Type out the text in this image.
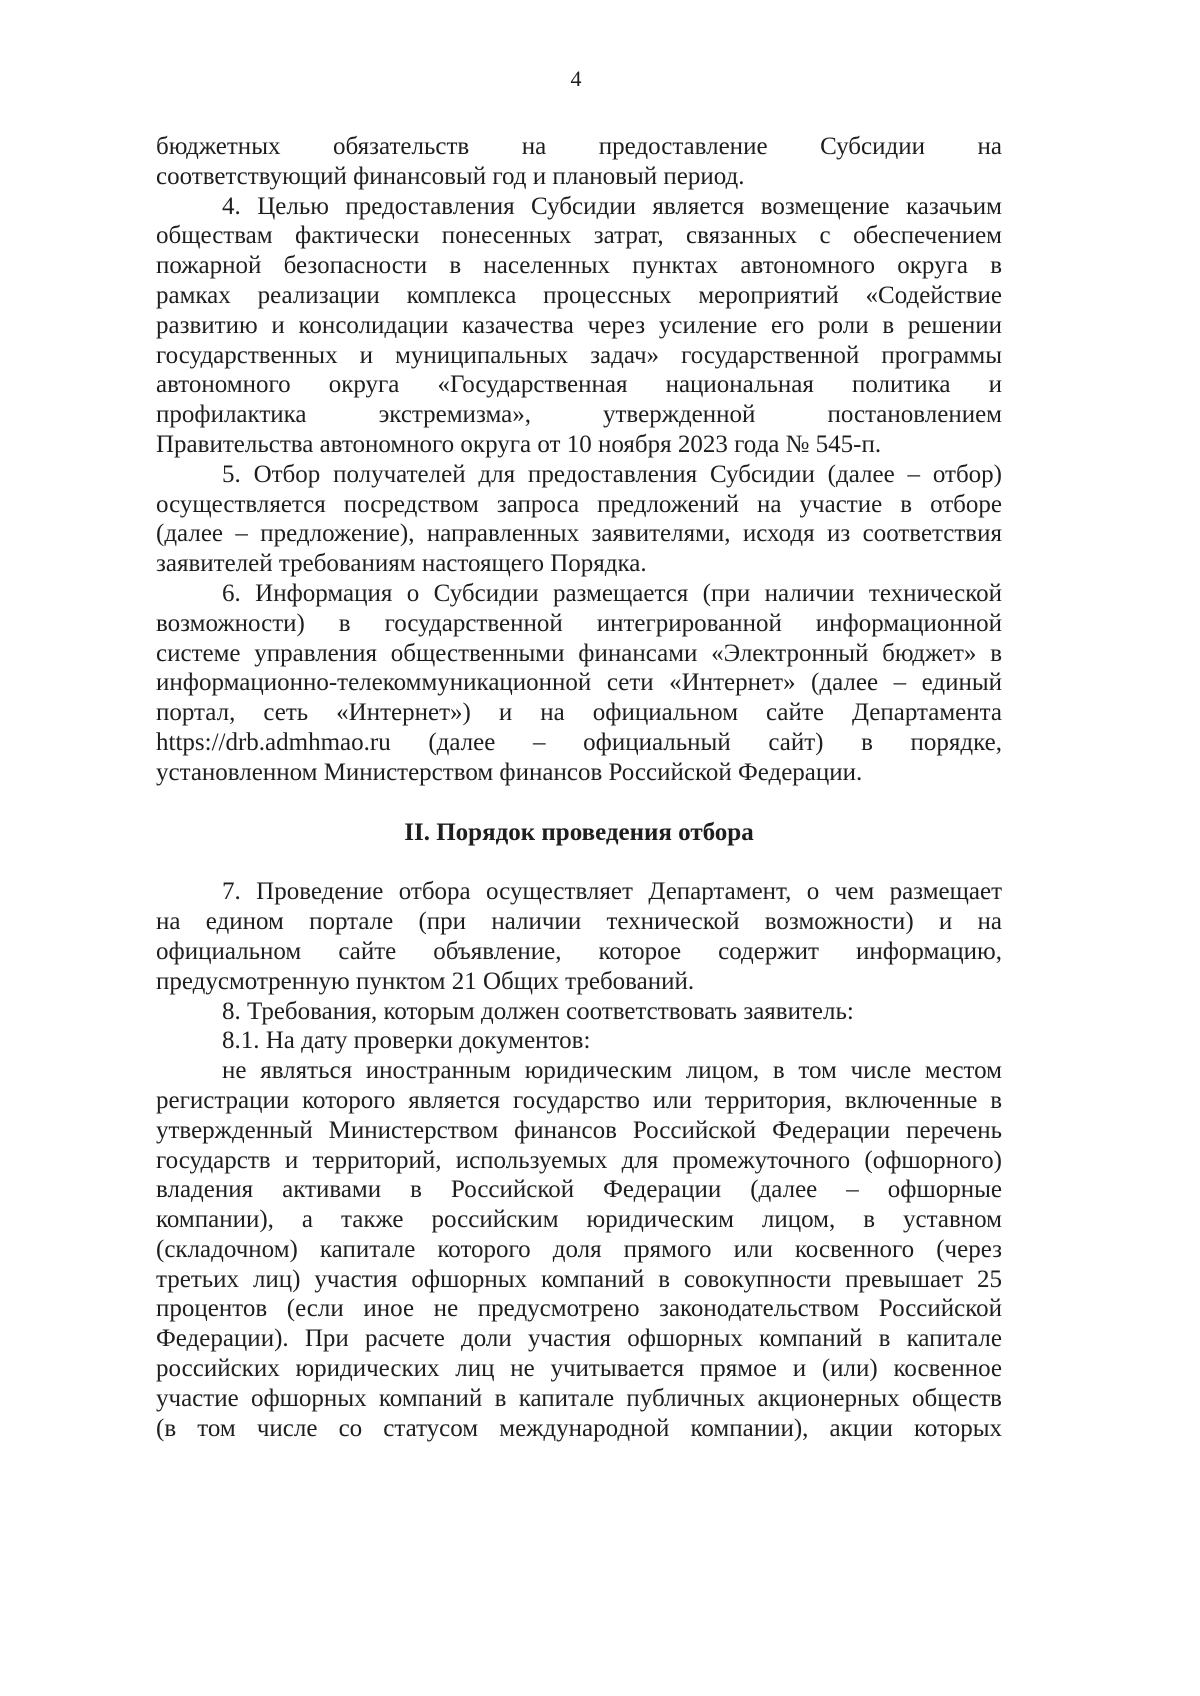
4

бюджетных обязательств на предоставление Субсидии на

соответствующий финансовый год и плановый период.

4. Целью предоставления Субсидии является возмещение казачьим

обществам фактически понесенных затрат, связанных с обеспечением

пожарной безопасности в населенных пунктах автономного округа в

рамках реализации комплекса процессных мероприятий «Содействие

развитию и консолидации казачества через усиление его роли в решении

государственных и муниципальных задач» государственной программы

автономного округа «Государственная национальная политика и

профилактика экстремизма», утвержденной постановлением

Правительства автономного округа от 10 ноября 2023 года № 545-п.

5. Отбор получателей для предоставления Субсидии (далее – отбор)

осуществляется посредством запроса предложений на участие в отборе

(далее – предложение), направленных заявителями, исходя из соответствия

заявителей требованиям настоящего Порядка.

6. Информация о Субсидии размещается (при наличии технической

возможности) в государственной интегрированной информационной

системе управления общественными финансами «Электронный бюджет» в

информационно-телекоммуникационной сети «Интернет» (далее – единый

портал, сеть «Интернет») и на официальном сайте Департамента

https://drb.admhmao.ru (далее – официальный сайт) в порядке,

установленном Министерством финансов Российской Федерации.

II. Порядок проведения отбора

7. Проведение отбора осуществляет Департамент, о чем размещает

на едином портале (при наличии технической возможности) и на

официальном сайте объявление, которое содержит информацию,

предусмотренную пунктом 21 Общих требований.

8. Требования, которым должен соответствовать заявитель:

8.1. На дату проверки документов:

не являться иностранным юридическим лицом, в том числе местом

регистрации которого является государство или территория, включенные в

утвержденный Министерством финансов Российской Федерации перечень

государств и территорий, используемых для промежуточного (офшорного)

владения активами в Российской Федерации (далее – офшорные

компании), а также российским юридическим лицом, в уставном

(складочном) капитале которого доля прямого или косвенного (через

третьих лиц) участия офшорных компаний в совокупности превышает 25

процентов (если иное не предусмотрено законодательством Российской

Федерации). При расчете доли участия офшорных компаний в капитале

российских юридических лиц не учитывается прямое и (или) косвенное

участие офшорных компаний в капитале публичных акционерных обществ

(в том числе со статусом международной компании), акции которых
